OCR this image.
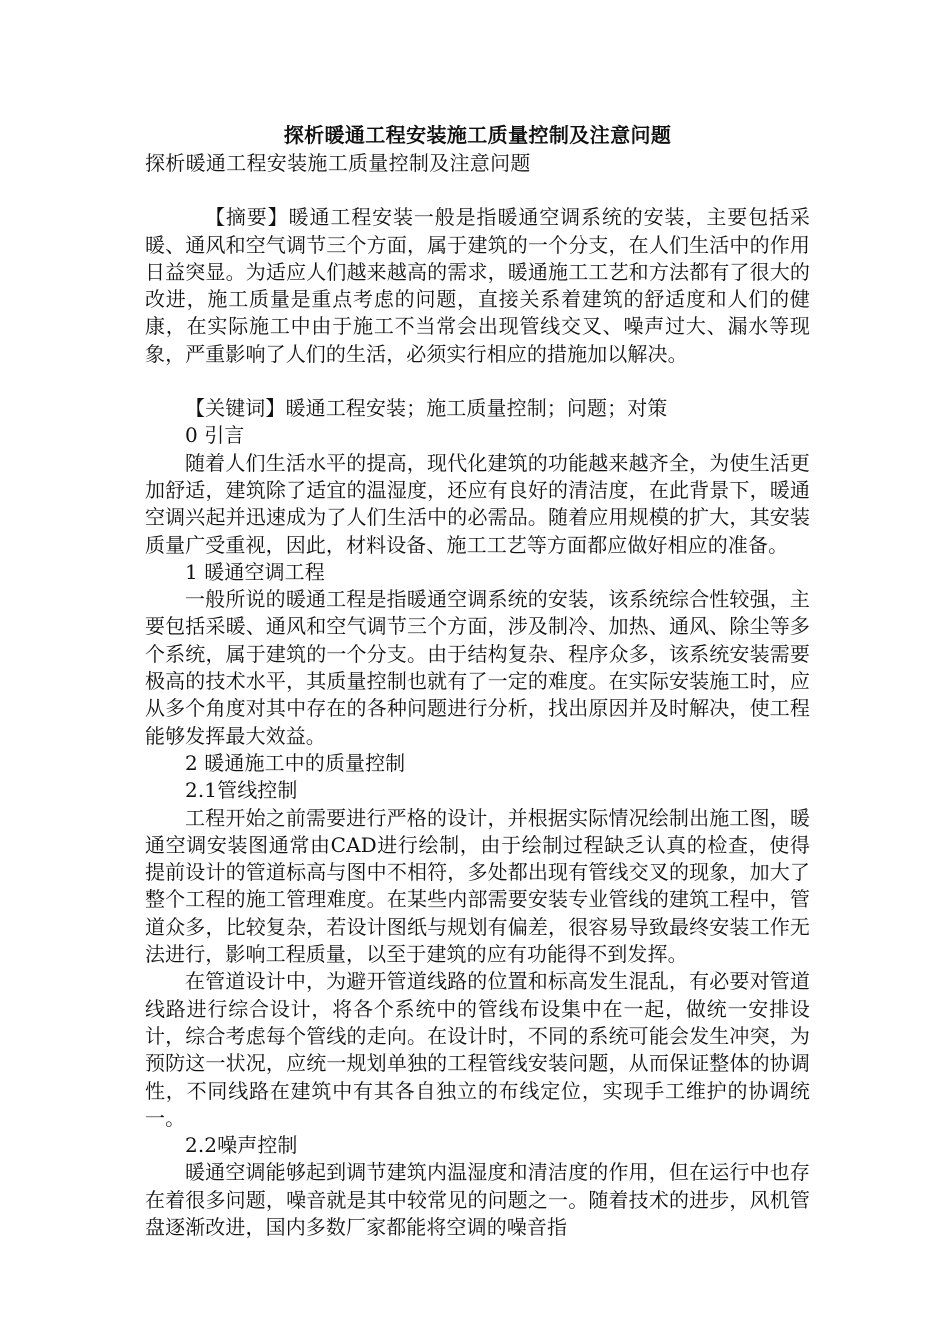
探析暖通工程安装施工质量控制及注意问题

探析暖通工程安装施工质量控制及注意问题

【摘要】暖通工程安装一般是指暖通空调系统的安装，主要包括采暖、通风和空气调节三个方面，属于建筑的一个分支，在人们生活中的作用日益突显。为适应人们越来越高的需求，暖通施工工艺和方法都有了很大的改进，施工质量是重点考虑的问题，直接关系着建筑的舒适度和人们的健康，在实际施工中由于施工不当常会出现管线交叉、噪声过大、漏水等现象，严重影响了人们的生活，必须实行相应的措施加以解决。

【关键词】暖通工程安装；施工质量控制；问题；对策

0 引言

随着人们生活水平的提高，现代化建筑的功能越来越齐全，为使生活更加舒适，建筑除了适宜的温湿度，还应有良好的清洁度，在此背景下，暖通空调兴起并迅速成为了人们生活中的必需品。随着应用规模的扩大，其安装质量广受重视，因此，材料设备、施工工艺等方面都应做好相应的准备。

1 暖通空调工程

一般所说的暖通工程是指暖通空调系统的安装，该系统综合性较强，主要包括采暖、通风和空气调节三个方面，涉及制冷、加热、通风、除尘等多个系统，属于建筑的一个分支。由于结构复杂、程序众多，该系统安装需要极高的技术水平，其质量控制也就有了一定的难度。在实际安装施工时，应从多个角度对其中存在的各种问题进行分析，找出原因并及时解决，使工程能够发挥最大效益。

2 暖通施工中的质量控制

2.1管线控制

工程开始之前需要进行严格的设计，并根据实际情况绘制出施工图，暖通空调安装图通常由CAD进行绘制，由于绘制过程缺乏认真的检查，使得提前设计的管道标高与图中不相符，多处都出现有管线交叉的现象，加大了整个工程的施工管理难度。在某些内部需要安装专业管线的建筑工程中，管道众多，比较复杂，若设计图纸与规划有偏差，很容易导致最终安装工作无法进行，影响工程质量，以至于建筑的应有功能得不到发挥。

在管道设计中，为避开管道线路的位置和标高发生混乱，有必要对管道线路进行综合设计，将各个系统中的管线布设集中在一起，做统一安排设计，综合考虑每个管线的走向。在设计时，不同的系统可能会发生冲突，为预防这一状况，应统一规划单独的工程管线安装问题，从而保证整体的协调性，不同线路在建筑中有其各自独立的布线定位，实现手工维护的协调统一。

2.2噪声控制

暖通空调能够起到调节建筑内温湿度和清洁度的作用，但在运行中也存在着很多问题，噪音就是其中较常见的问题之一。随着技术的进步，风机管盘逐渐改进，国内多数厂家都能将空调的噪音指
